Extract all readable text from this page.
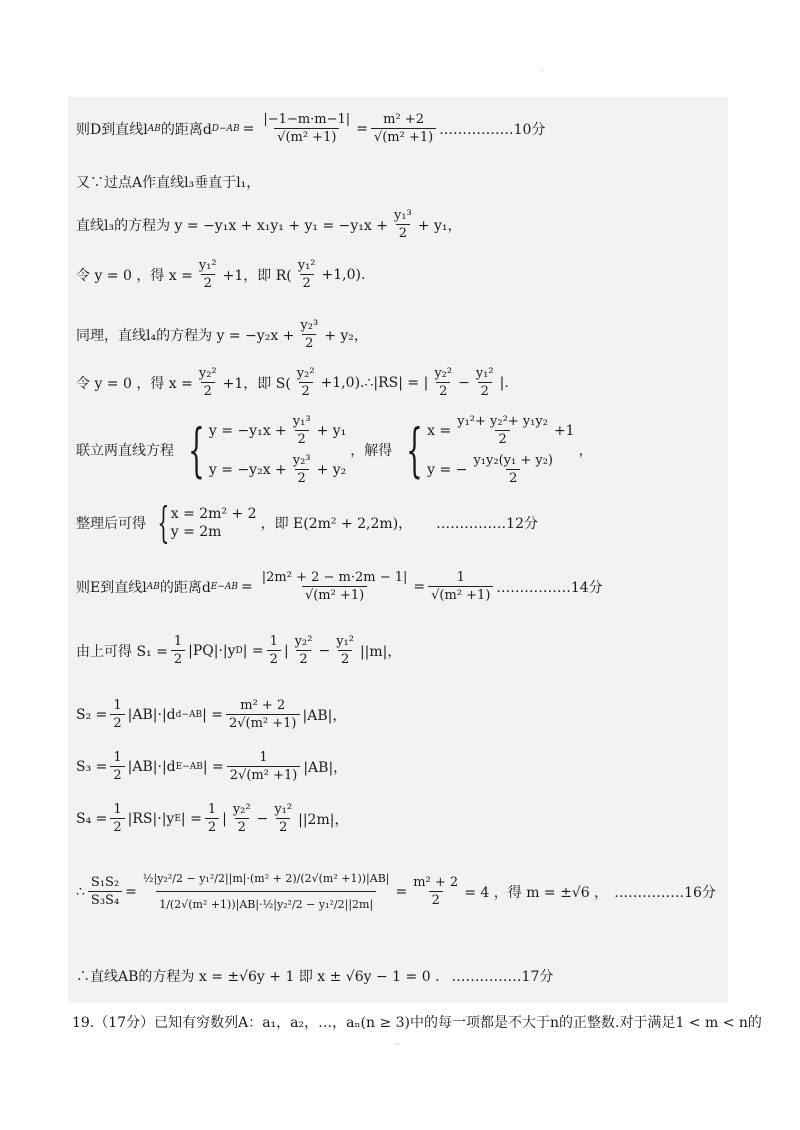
.
则D到直线l AB 的距离d $D-AB = \frac{|-1-m\cdot m-1|}{\text{√(m² +1)}} = \frac{\text{m² +2}}{\text{√(m² +1)}}$ .……………10分
又∵过点A作直线l₃垂直于l₁，
直线l₃的方程为 $y = -y_1x + x_1y_1 + y_1 = -y_1x + \frac{\text{y₁³}}{2} + y_1$，
令 y = 0 ，得 $x = \frac{\text{y₁²}}{2} +1$，即 $R( \frac{\text{y₁²}}{2} +1,0)$.
同理，直线l₄的方程为 $y = -y_2x + \frac{\text{y₂³}}{2} + y_2$，
令 y = 0 ，得 $x = \frac{\text{y₂²}}{2} +1$，即 $S( \frac{\text{y₂²}}{2}$ +1,0).∴|RS| = | $\frac{\text{y₂²}}{2} - \frac{\text{y₁²}}{2}$ |.
联立两直线方程 { $y = -y_1x + \frac{\text{y₁³}}{2} + y_1$
$y = -y_2x + \frac{\text{y₂³}}{2} + y_2$
，解得 { $x = \frac{\text{y₁²+ y₂²+ y₁y₂}}{2} +1$
y = − $\frac{\text{y₁y₂(y₁ + y₂)}}{2}$
，
整理后可得 { x = 2m² + 2
y = 2m	，即 E(2m² + 2,2m)， ……………12分
则E到直线l AB 的距离d $E-AB = \frac{\text{|2m² + 2 − m·2m − 1|}}{\text{√(m² +1)}} = \frac{1}{\text{√(m² +1)}}$ .……………14分
由上可得 $S_1 = \frac{1}{2} |PQ|\cdot|y$ D | = $\frac{1}{2}$ | $\frac{\text{y₂²}}{2} - \frac{\text{y₁²}}{2} ||m|$，
$S_2 = \frac{1}{2} |AB|\cdot|d$ d−AB | = $\frac{\text{m² + 2}}{\text{2√(m² +1)}} |AB|$，
$S_3 = \frac{1}{2} |AB|\cdot|d$ E−AB | = $\frac{1}{\text{2√(m² +1)}} |AB|$，
$S_4 = \frac{1}{2} |RS|\cdot|y$ E | = $\frac{1}{2}$ | $\frac{\text{y₂²}}{2} - \frac{\text{y₁²}}{2} ||2m|$，
∴ $\frac{\text{S₁S₂}}{\text{S₃S₄}} = \frac{\text{½|y₂²/2 − y₁²/2||m|·(m² + 2)/(2√(m² +1))|AB|}}{\text{1/(2√(m² +1))|AB|·½|y₂²/2 − y₁²/2||2m|}} = \frac{\text{m² + 2}}{2} = 4$ ，得 m = ±√6 ， ……………16分
∴直线AB的方程为 x = ±√6y + 1 即 x ± √6y − 1 = 0 . ……………17分
19.（17分）已知有穷数列A：a₁，a₂，…，aₙ(n ≥ 3)中的每一项都是不大于n的正整数.对于满足1 < m < n的
··
